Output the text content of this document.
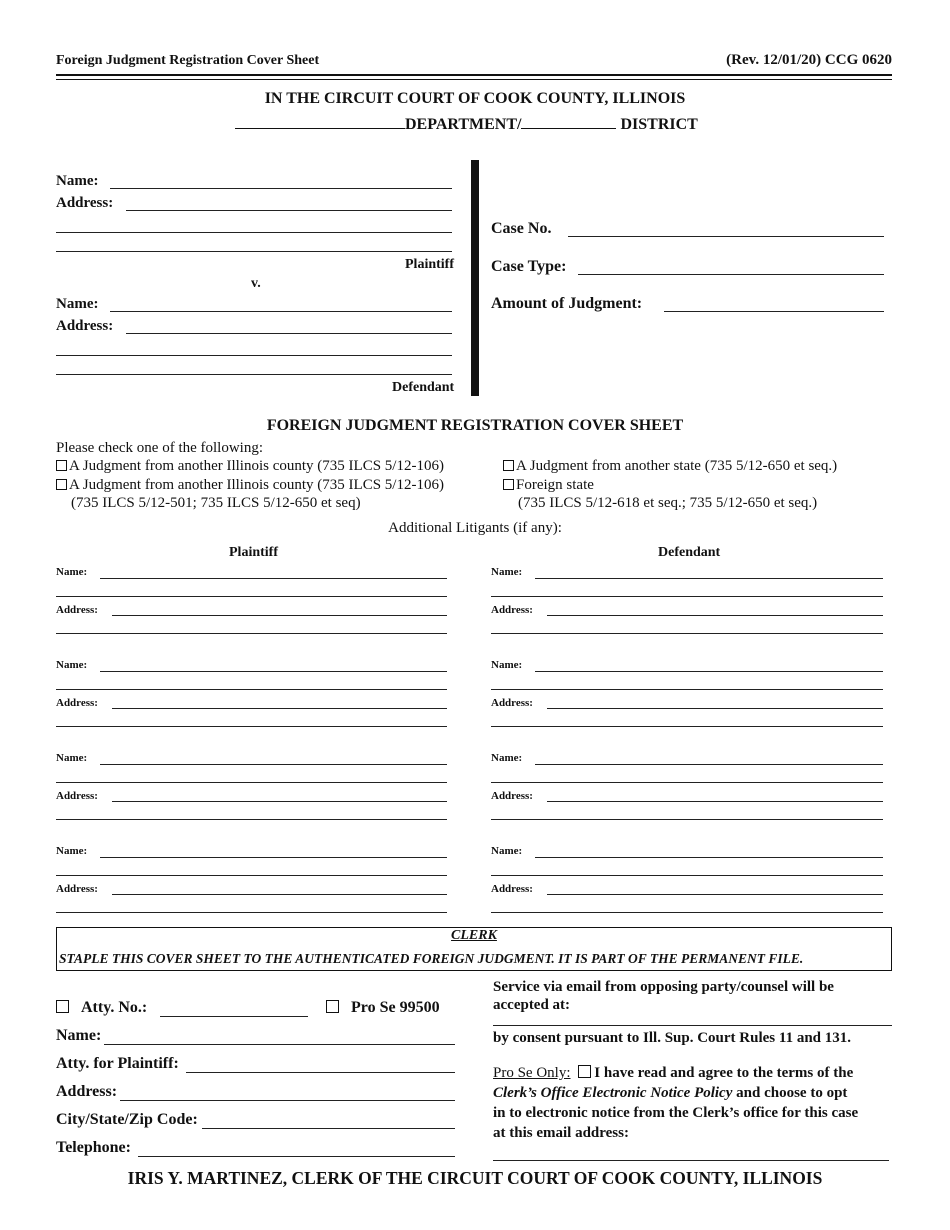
Foreign Judgment Registration Cover Sheet	(Rev. 12/01/20) CCG 0620
IN THE CIRCUIT COURT OF COOK COUNTY, ILLINOIS
DEPARTMENT/	DISTRICT
Name:
Address:
Plaintiff
v.
Name:
Address:
Defendant
Case No.
Case Type:
Amount of Judgment:
FOREIGN JUDGMENT REGISTRATION COVER SHEET
Please check one of the following:
A Judgment from another Illinois county (735 ILCS 5/12-106)
A Judgment from another Illinois county (735 ILCS 5/12-106)
(735 ILCS 5/12-501; 735 ILCS 5/12-650 et seq)
A Judgment from another state (735 5/12-650 et seq.)
Foreign state
(735 ILCS 5/12-618 et seq.; 735 5/12-650 et seq.)
Additional Litigants (if any):
Plaintiff	Defendant
Name:
Address:
Name:
Address:
Name:
Address:
Name:
Address:
Name:
Address:
Name:
Address:
Name:
Address:
Name:
Address:
CLERK
STAPLE THIS COVER SHEET TO THE AUTHENTICATED FOREIGN JUDGMENT. IT IS PART OF THE PERMANENT FILE.
Atty. No.:	Pro Se 99500
Name:
Atty. for Plaintiff:
Address:
City/State/Zip Code:
Telephone:
Service via email from opposing party/counsel will be
accepted at:
by consent pursuant to Ill. Sup. Court Rules 11 and 131.
Pro Se Only: I have read and agree to the terms of the
Clerk’s Office Electronic Notice Policy and choose to opt
in to electronic notice from the Clerk’s office for this case
at this email address:
IRIS Y. MARTINEZ, CLERK OF THE CIRCUIT COURT OF COOK COUNTY, ILLINOIS
